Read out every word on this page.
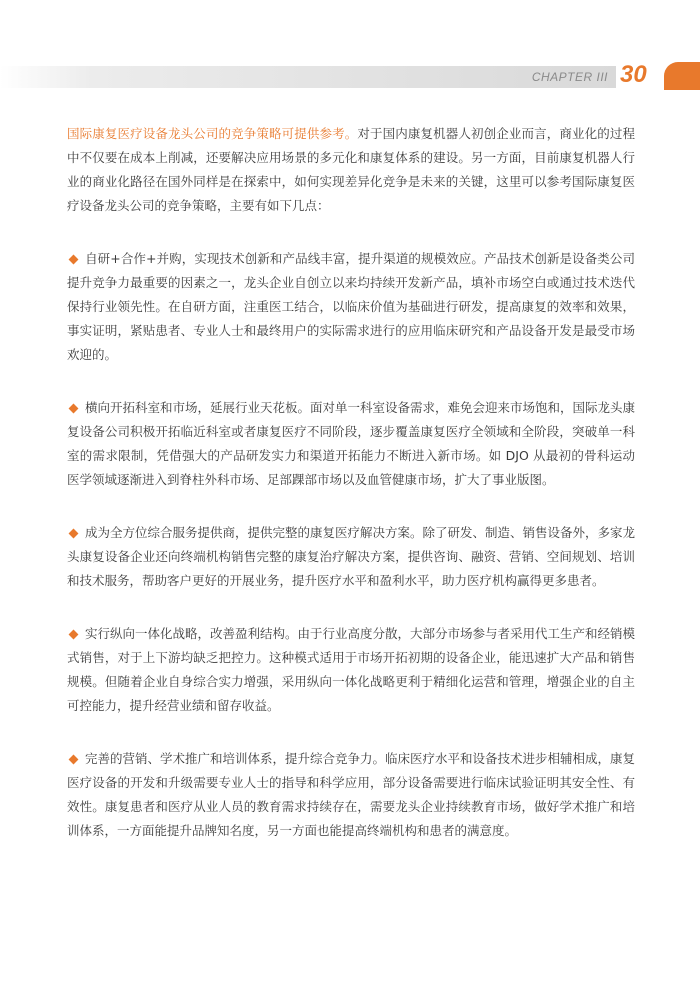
CHAPTER III 30

国际康复医疗设备龙头公司的竞争策略可提供参考。对于国内康复机器人初创企业而言，商业化的过程中不仅要在成本上削减，还要解决应用场景的多元化和康复体系的建设。另一方面，目前康复机器人行业的商业化路径在国外同样是在探索中，如何实现差异化竞争是未来的关键，这里可以参考国际康复医疗设备龙头公司的竞争策略，主要有如下几点：

自研+合作+并购，实现技术创新和产品线丰富，提升渠道的规模效应。产品技术创新是设备类公司提升竞争力最重要的因素之一，龙头企业自创立以来均持续开发新产品，填补市场空白或通过技术迭代保持行业领先性。在自研方面，注重医工结合，以临床价值为基础进行研发，提高康复的效率和效果，事实证明，紧贴患者、专业人士和最终用户的实际需求进行的应用临床研究和产品设备开发是最受市场欢迎的。

横向开拓科室和市场，延展行业天花板。面对单一科室设备需求，难免会迎来市场饱和，国际龙头康复设备公司积极开拓临近科室或者康复医疗不同阶段，逐步覆盖康复医疗全领域和全阶段，突破单一科室的需求限制，凭借强大的产品研发实力和渠道开拓能力不断进入新市场。如 DJO 从最初的骨科运动医学领域逐渐进入到脊柱外科市场、足部踝部市场以及血管健康市场，扩大了事业版图。

成为全方位综合服务提供商，提供完整的康复医疗解决方案。除了研发、制造、销售设备外，多家龙头康复设备企业还向终端机构销售完整的康复治疗解决方案，提供咨询、融资、营销、空间规划、培训和技术服务，帮助客户更好的开展业务，提升医疗水平和盈利水平，助力医疗机构赢得更多患者。

实行纵向一体化战略，改善盈利结构。由于行业高度分散，大部分市场参与者采用代工生产和经销模式销售，对于上下游均缺乏把控力。这种模式适用于市场开拓初期的设备企业，能迅速扩大产品和销售规模。但随着企业自身综合实力增强，采用纵向一体化战略更利于精细化运营和管理，增强企业的自主可控能力，提升经营业绩和留存收益。

完善的营销、学术推广和培训体系，提升综合竞争力。临床医疗水平和设备技术进步相辅相成，康复医疗设备的开发和升级需要专业人士的指导和科学应用，部分设备需要进行临床试验证明其安全性、有效性。康复患者和医疗从业人员的教育需求持续存在，需要龙头企业持续教育市场，做好学术推广和培训体系，一方面能提升品牌知名度，另一方面也能提高终端机构和患者的满意度。
